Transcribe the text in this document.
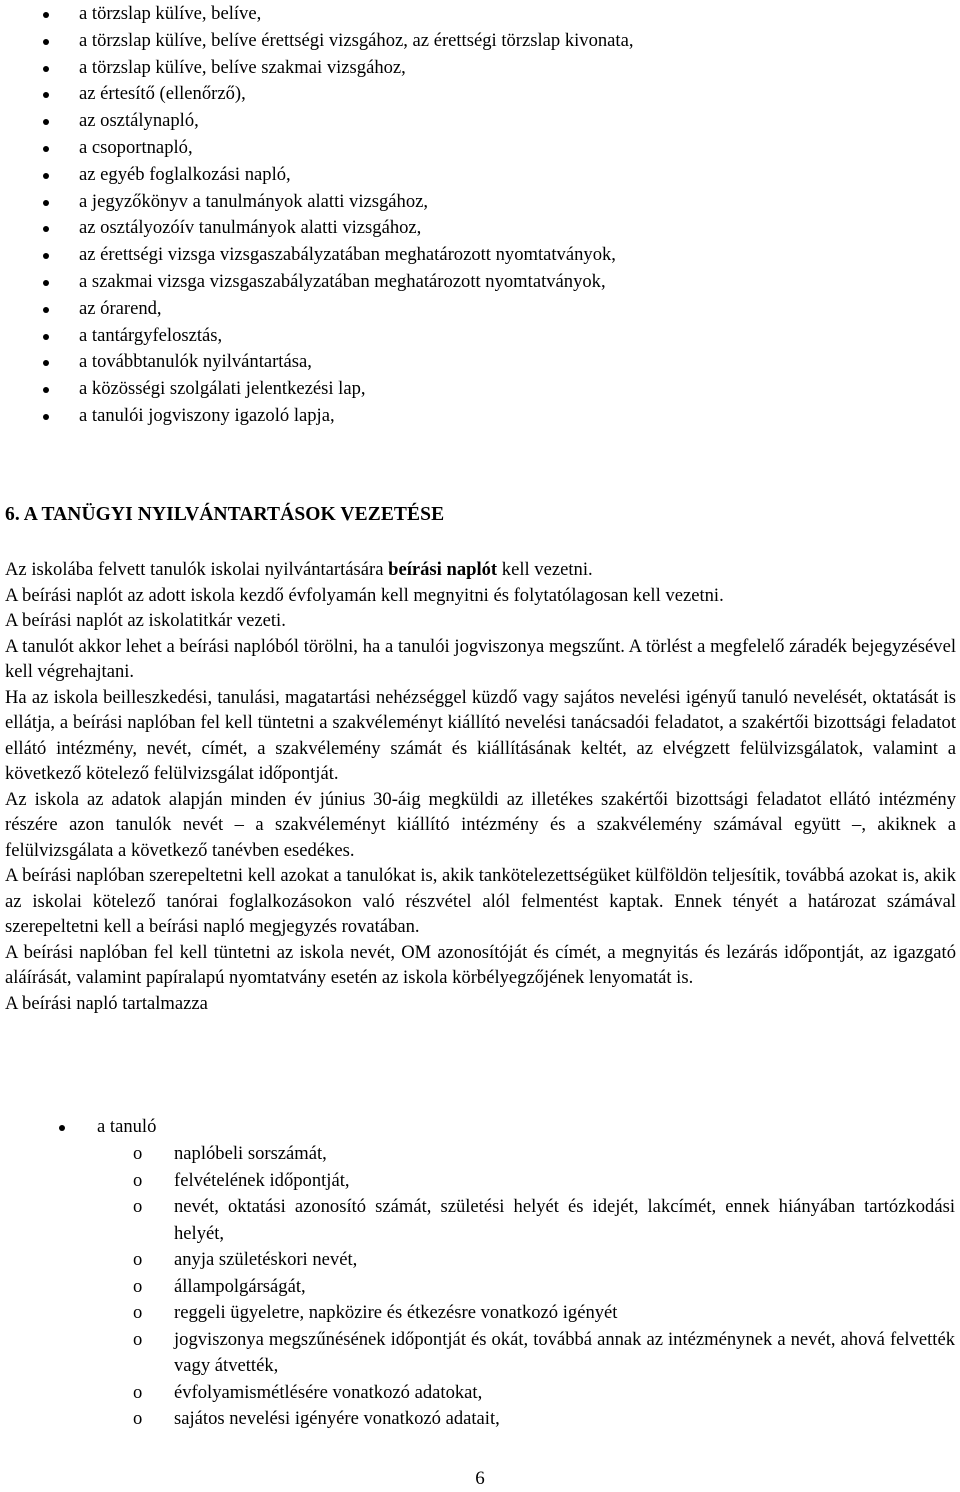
a törzslap külíve, belíve,
a törzslap külíve, belíve érettségi vizsgához, az érettségi törzslap kivonata,
a törzslap külíve, belíve szakmai vizsgához,
az értesítő (ellenőrző),
az osztálynapló,
a csoportnapló,
az egyéb foglalkozási napló,
a jegyzőkönyv a tanulmányok alatti vizsgához,
az osztályozóív tanulmányok alatti vizsgához,
az érettségi vizsga vizsgaszabályzatában meghatározott nyomtatványok,
a szakmai vizsga vizsgaszabályzatában meghatározott nyomtatványok,
az órarend,
a tantárgyfelosztás,
a továbbtanulók nyilvántartása,
a közösségi szolgálati jelentkezési lap,
a tanulói jogviszony igazoló lapja,
6. A TANÜGYI NYILVÁNTARTÁSOK VEZETÉSE

Az iskolába felvett tanulók iskolai nyilvántartására beírási naplót kell vezetni.

A beírási naplót az adott iskola kezdő évfolyamán kell megnyitni és folytatólagosan kell vezetni.

A beírási naplót az iskolatitkár vezeti.

A tanulót akkor lehet a beírási naplóból törölni, ha a tanulói jogviszonya megszűnt. A törlést a megfelelő záradék bejegyzésével kell végrehajtani.

Ha az iskola beilleszkedési, tanulási, magatartási nehézséggel küzdő vagy sajátos nevelési igényű tanuló nevelését, oktatását is ellátja, a beírási naplóban fel kell tüntetni a szakvéleményt kiállító nevelési tanácsadói feladatot, a szakértői bizottsági feladatot ellátó intézmény, nevét, címét, a szakvélemény számát és kiállításának keltét, az elvégzett felülvizsgálatok, valamint a következő kötelező felülvizsgálat időpontját.

Az iskola az adatok alapján minden év június 30-áig megküldi az illetékes szakértői bizottsági feladatot ellátó intézmény részére azon tanulók nevét – a szakvéleményt kiállító intézmény és a szakvélemény számával együtt –, akiknek a felülvizsgálata a következő tanévben esedékes.

A beírási naplóban szerepeltetni kell azokat a tanulókat is, akik tankötelezettségüket külföldön teljesítik, továbbá azokat is, akik az iskolai kötelező tanórai foglalkozásokon való részvétel alól felmentést kaptak. Ennek tényét a határozat számával szerepeltetni kell a beírási napló megjegyzés rovatában.

A beírási naplóban fel kell tüntetni az iskola nevét, OM azonosítóját és címét, a megnyitás és lezárás időpontját, az igazgató aláírását, valamint papíralapú nyomtatvány esetén az iskola körbélyegzőjének lenyomatát is.

A beírási napló tartalmazza

a tanuló
o naplóbeli sorszámát,
o felvételének időpontját,
o nevét, oktatási azonosító számát, születési helyét és idejét, lakcímét, ennek hiányában tartózkodási helyét,
o anyja születéskori nevét,
o állampolgárságát,
o reggeli ügyeletre, napközire és étkezésre vonatkozó igényét
o jogviszonya megszűnésének időpontját és okát, továbbá annak az intézménynek a nevét, ahová felvették vagy átvették,
o évfolyamismétlésére vonatkozó adatokat,
o sajátos nevelési igényére vonatkozó adatait,
6
